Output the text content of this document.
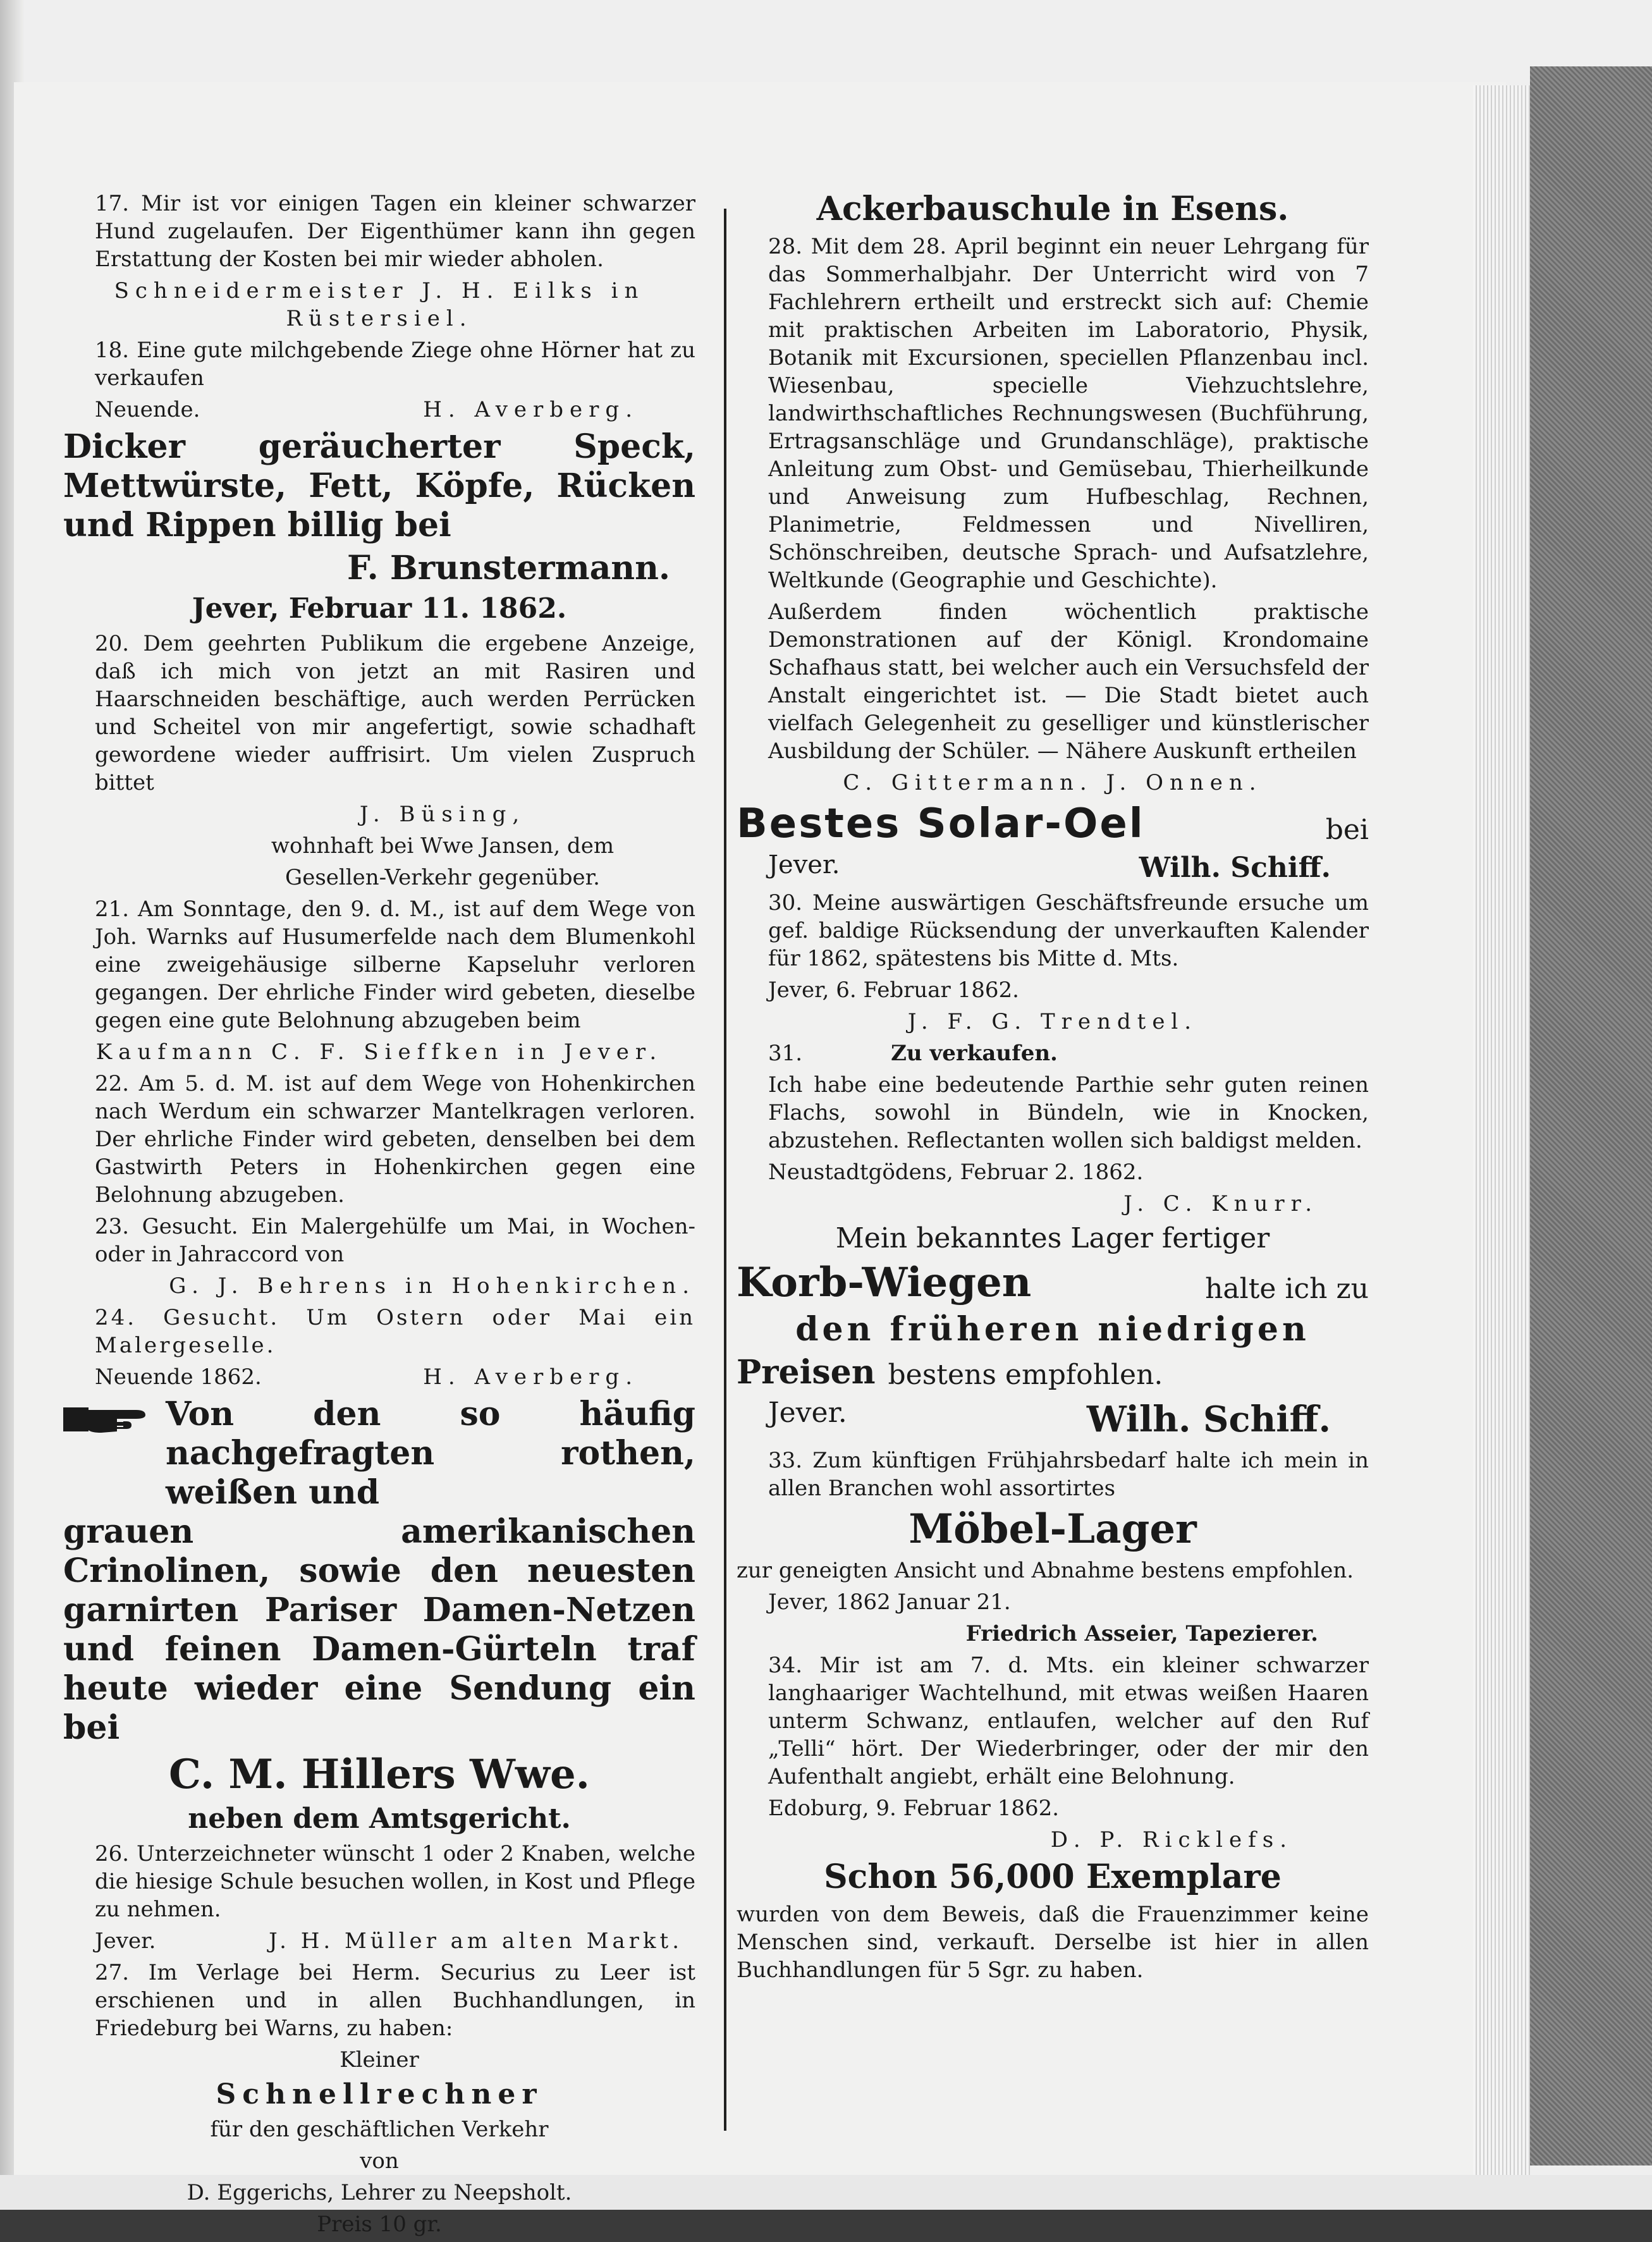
17. Mir ist vor einigen Tagen ein kleiner schwarzer Hund zugelaufen. Der Eigenthümer kann ihn gegen Erstattung der Kosten bei mir wieder abholen.

Schneidermeister J. H. Eilks in Rüstersiel.

18. Eine gute milchgebende Ziege ohne Hörner hat zu verkaufen

Neuende.	H. Averberg.

Dicker geräucherter Speck, Mettwürste, Fett, Köpfe, Rücken und Rippen billig bei

F. Brunstermann.

Jever, Februar 11. 1862.

20. Dem geehrten Publikum die ergebene Anzeige, daß ich mich von jetzt an mit Rasiren und Haarschneiden beschäftige, auch werden Perrücken und Scheitel von mir angefertigt, sowie schadhaft gewordene wieder auffrisirt. Um vielen Zuspruch bittet

J. Büsing,

wohnhaft bei Wwe Jansen, dem

Gesellen-Verkehr gegenüber.

21. Am Sonntage, den 9. d. M., ist auf dem Wege von Joh. Warnks auf Husumerfelde nach dem Blumenkohl eine zweigehäusige silberne Kapseluhr verloren gegangen. Der ehrliche Finder wird gebeten, dieselbe gegen eine gute Belohnung abzugeben beim

Kaufmann C. F. Sieffken in Jever.

22. Am 5. d. M. ist auf dem Wege von Hohenkirchen nach Werdum ein schwarzer Mantelkragen verloren. Der ehrliche Finder wird gebeten, denselben bei dem Gastwirth Peters in Hohenkirchen gegen eine Belohnung abzugeben.

23. Gesucht. Ein Malergehülfe um Mai, in Wochen- oder in Jahraccord von

G. J. Behrens in Hohenkirchen.

24. Gesucht. Um Ostern oder Mai ein Malergeselle.

Neuende 1862.	H. Averberg.

Von den so häufig nachgefragten rothen, weißen und

grauen amerikanischen Crinolinen, sowie den neuesten garnirten Pariser Damen-Netzen und feinen Damen-Gürteln traf heute wieder eine Sendung ein bei

C. M. Hillers Wwe.

neben dem Amtsgericht.

26. Unterzeichneter wünscht 1 oder 2 Knaben, welche die hiesige Schule besuchen wollen, in Kost und Pflege zu nehmen.

Jever.	J. H. Müller am alten Markt.

27. Im Verlage bei Herm. Securius zu Leer ist erschienen und in allen Buchhandlungen, in Friedeburg bei Warns, zu haben:

Kleiner

Schnellrechner

für den geschäftlichen Verkehr

von

D. Eggerichs, Lehrer zu Neepsholt.

Preis 10 gr.

Ackerbauschule in Esens.

28. Mit dem 28. April beginnt ein neuer Lehrgang für das Sommerhalbjahr. Der Unterricht wird von 7 Fachlehrern ertheilt und erstreckt sich auf: Chemie mit praktischen Arbeiten im Laboratorio, Physik, Botanik mit Excursionen, speciellen Pflanzenbau incl. Wiesenbau, specielle Viehzuchtslehre, landwirthschaftliches Rechnungswesen (Buchführung, Ertragsanschläge und Grundanschläge), praktische Anleitung zum Obst- und Gemüsebau, Thierheilkunde und Anweisung zum Hufbeschlag, Rechnen, Planimetrie, Feldmessen und Nivelliren, Schönschreiben, deutsche Sprach- und Aufsatzlehre, Weltkunde (Geographie und Geschichte).

Außerdem finden wöchentlich praktische Demonstrationen auf der Königl. Krondomaine Schafhaus statt, bei welcher auch ein Versuchsfeld der Anstalt eingerichtet ist. — Die Stadt bietet auch vielfach Gelegenheit zu geselliger und künstlerischer Ausbildung der Schüler. — Nähere Auskunft ertheilen

C. Gittermann. J. Onnen.

Bestes Solar-Oel	bei
Jever.	Wilh. Schiff.

30. Meine auswärtigen Geschäftsfreunde ersuche um gef. baldige Rücksendung der unverkauften Kalender für 1862, spätestens bis Mitte d. Mts.

Jever, 6. Februar 1862.

J. F. G. Trendtel.

31.	Zu verkaufen.

Ich habe eine bedeutende Parthie sehr guten reinen Flachs, sowohl in Bündeln, wie in Knocken, abzustehen. Reflectanten wollen sich baldigst melden.

Neustadtgödens, Februar 2. 1862.

J. C. Knurr.

Mein bekanntes Lager fertiger

Korb-Wiegen	halte ich zu

den früheren niedrigen

Preisen bestens empfohlen.
Jever.	Wilh. Schiff.

33. Zum künftigen Frühjahrsbedarf halte ich mein in allen Branchen wohl assortirtes

Möbel-Lager

zur geneigten Ansicht und Abnahme bestens empfohlen.

Jever, 1862 Januar 21.

Friedrich Asseier, Tapezierer.

34. Mir ist am 7. d. Mts. ein kleiner schwarzer langhaariger Wachtelhund, mit etwas weißen Haaren unterm Schwanz, entlaufen, welcher auf den Ruf „Telli“ hört. Der Wiederbringer, oder der mir den Aufenthalt angiebt, erhält eine Belohnung.

Edoburg, 9. Februar 1862.

D. P. Ricklefs.

Schon 56,000 Exemplare

wurden von dem Beweis, daß die Frauenzimmer keine Menschen sind, verkauft. Derselbe ist hier in allen Buchhandlungen für 5 Sgr. zu haben.
